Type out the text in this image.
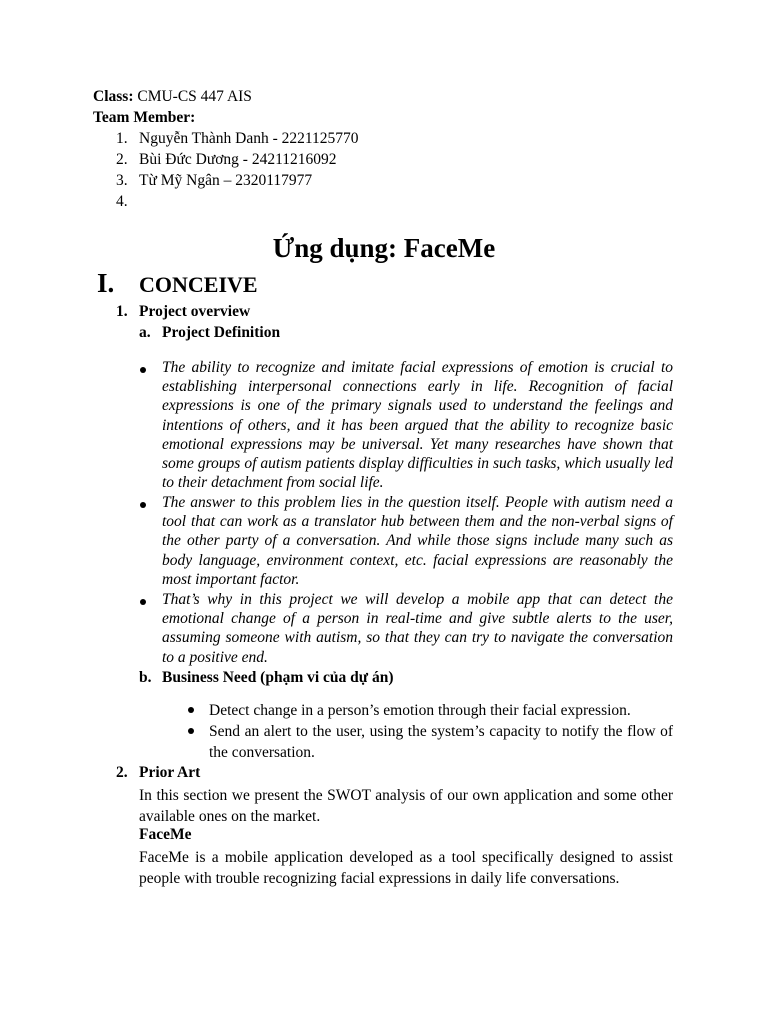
Class: CMU-CS 447 AIS
Team Member:
1. Nguyễn Thành Danh - 2221125770
2. Bùi Đức Dương - 24211216092
3. Từ Mỹ Ngân – 2320117977
4.
Ứng dụng: FaceMe
I. CONCEIVE
1. Project overview
a. Project Definition
The ability to recognize and imitate facial expressions of emotion is crucial to establishing interpersonal connections early in life. Recognition of facial expressions is one of the primary signals used to understand the feelings and intentions of others, and it has been argued that the ability to recognize basic emotional expressions may be universal. Yet many researches have shown that some groups of autism patients display difficulties in such tasks, which usually led to their detachment from social life.
The answer to this problem lies in the question itself. People with autism need a tool that can work as a translator hub between them and the non-verbal signs of the other party of a conversation. And while those signs include many such as body language, environment context, etc. facial expressions are reasonably the most important factor.
That’s why in this project we will develop a mobile app that can detect the emotional change of a person in real-time and give subtle alerts to the user, assuming someone with autism, so that they can try to navigate the conversation to a positive end.
b. Business Need (phạm vi của dự án)
Detect change in a person’s emotion through their facial expression.
Send an alert to the user, using the system’s capacity to notify the flow of the conversation.
2. Prior Art
In this section we present the SWOT analysis of our own application and some other available ones on the market.
FaceMe
FaceMe is a mobile application developed as a tool specifically designed to assist people with trouble recognizing facial expressions in daily life conversations.
